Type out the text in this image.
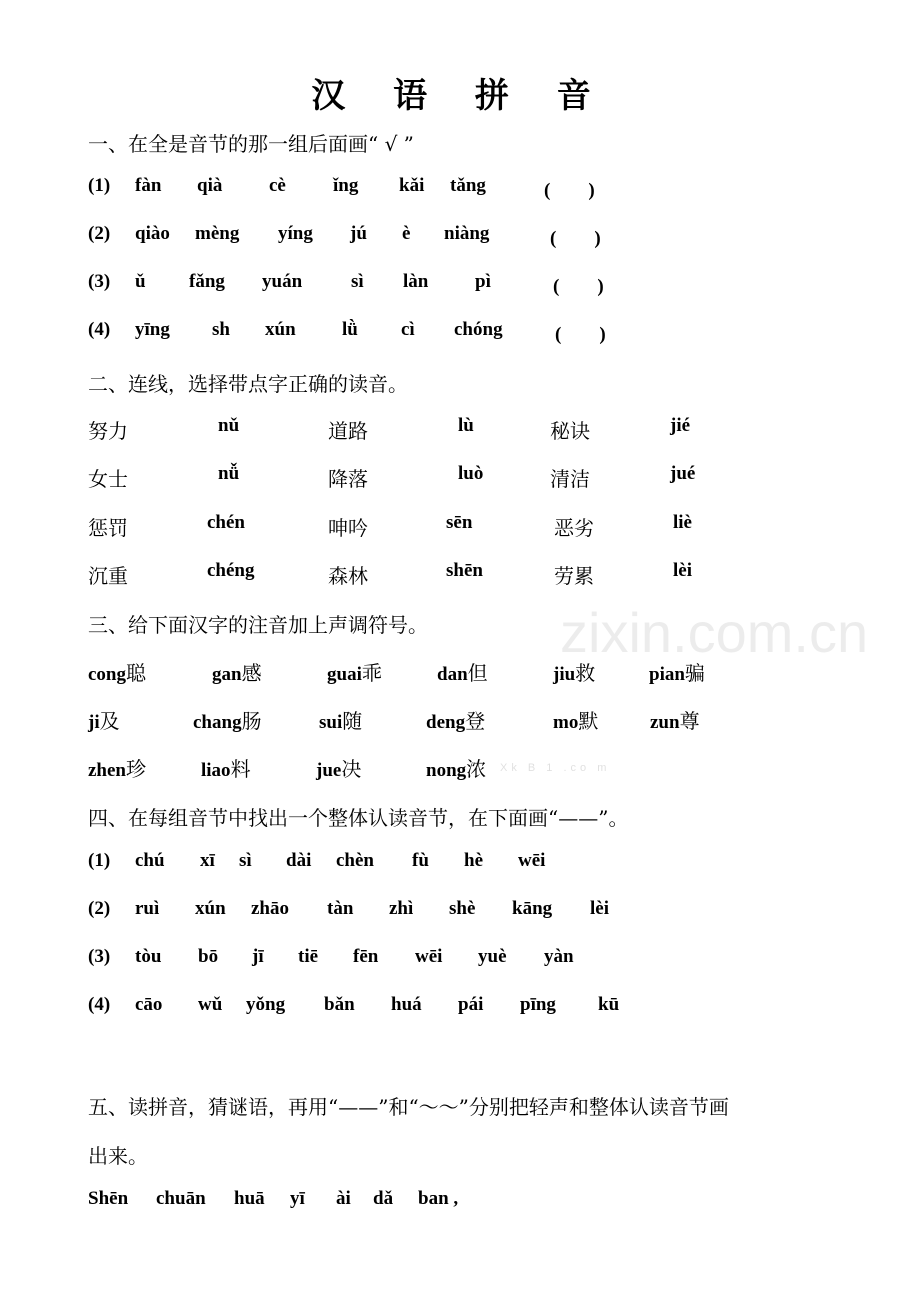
汉 语 拼 音
zixin.com.cn
Xk B 1 .co m
一、在全是音节的那一组后面画“ √ ”
(1) fàn qià cè ǐng kǎi tǎng	(　　)
(2) qiào mèng yíng jú è niàng	(　　)
(3) ǔ fǎng yuán	sì làn pì	(　　)
(4) yīng sh xún lǜ cì chóng	(　　)
二、连线，选择带点字正确的读音。
努力	nǔ	道路	lù	秘诀	jié
女士	nǚ	降落	luò	清洁	jué
惩罚	chén	呻吟	sēn	恶劣	liè
沉重	chéng	森林	shēn	劳累	lèi
三、给下面汉字的注音加上声调符号。
cong聪	gan感	guai乖	dan但	jiu救	pian骗
ji及	chang肠	sui随	deng登	mo默	zun尊
zhen珍	liao料	jue决	nong浓
四、在每组音节中找出一个整体认读音节，在下面画“——”。
(1) chú xī sì dài chèn fù hè wēi
(2) ruì xún zhāo tàn zhì shè kāng lèi
(3) tòu bō jī tiē fēn wēi yuè yàn
(4) cāo wǔ yǒng bǎn huá pái pīng kū
五、读拼音，猜谜语，再用“——”和“～～”分别把轻声和整体认读音节画
出来。
Shēn chuān huā yī ài dǎ ban ,
